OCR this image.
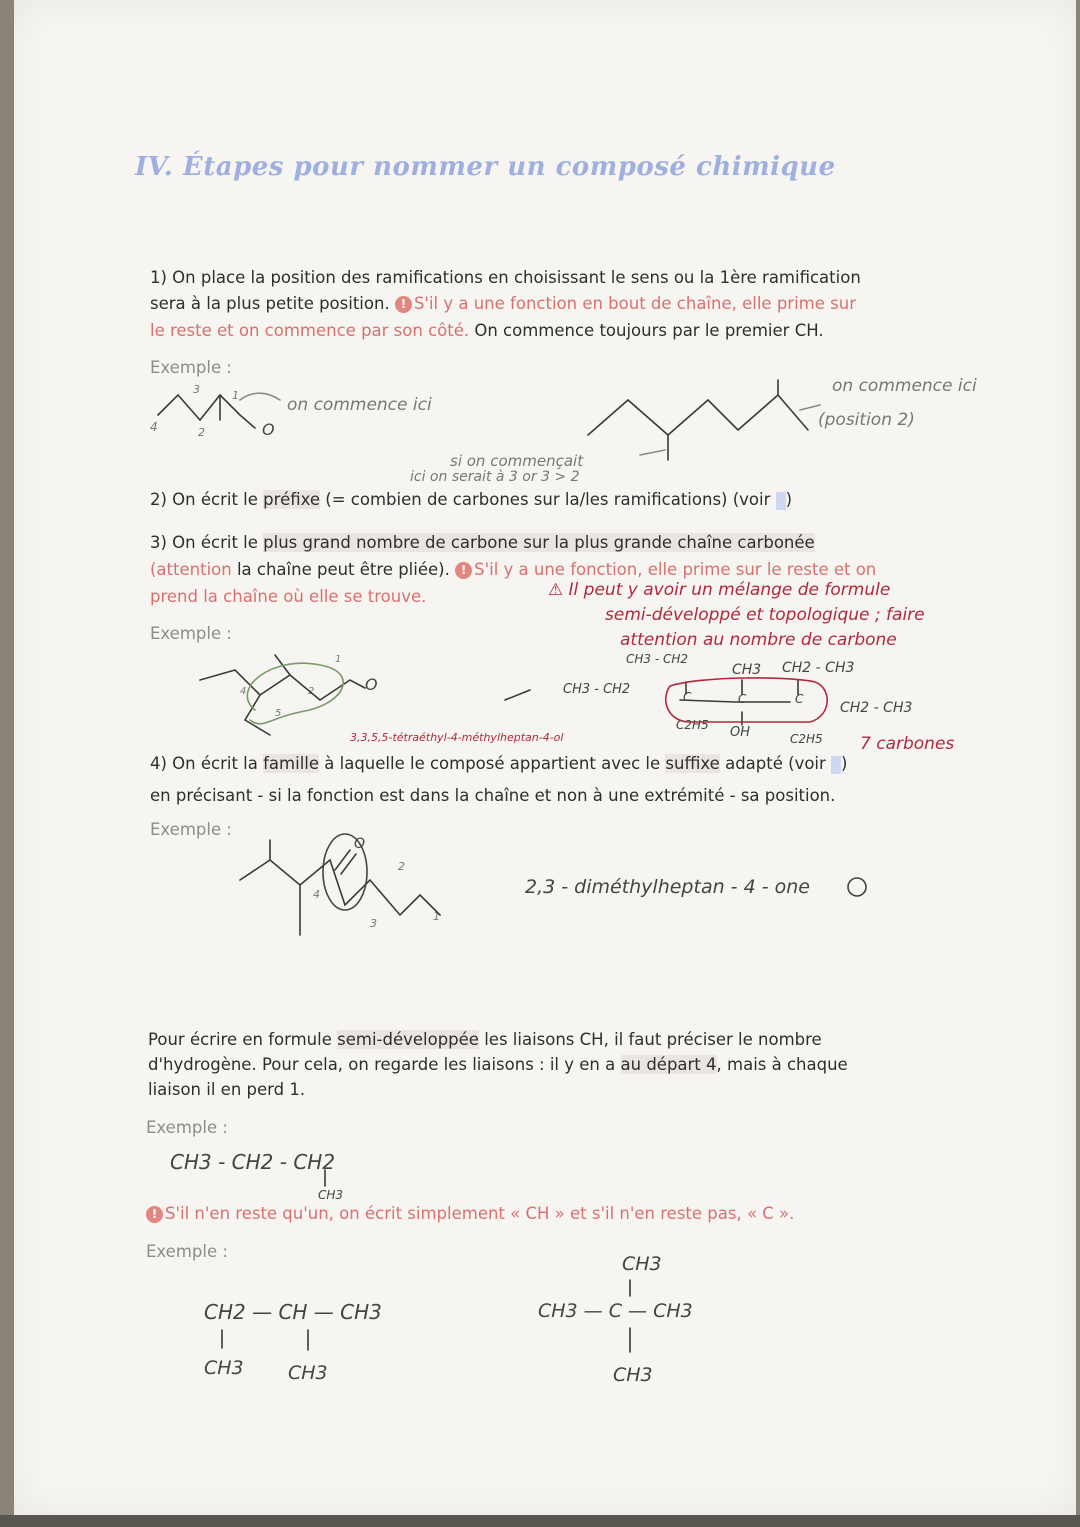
IV. Étapes pour nommer un composé chimique
1) On place la position des ramifications en choisissant le sens ou la 1ère ramification
sera à la plus petite position. ! S'il y a une fonction en bout de chaîne, elle prime sur
le reste et on commence par son côté. On commence toujours par le premier CH.
Exemple :
3	1
4	2	O
on commence ici
on commence ici
(position 2)
si on commençait
ici on serait à 3 or 3 > 2
2) On écrit le préfixe (= combien de carbones sur la/les ramifications) (voir )
3) On écrit le plus grand nombre de carbone sur la plus grande chaîne carbonée
(attention la chaîne peut être pliée). ! S'il y a une fonction, elle prime sur le reste et on
prend la chaîne où elle se trouve.
Exemple :
⚠ Il peut y avoir un mélange de formule
semi-développé et topologique ; faire
attention au nombre de carbone
O
1
2
4
5
CH3 - CH2
CH3 CH2 - CH3
CH3 - CH2	C	C	C
CH2 - CH3
OH
C2H5
C2H5
3,3,5,5-tétraéthyl-4-méthylheptan-4-ol	7 carbones
4) On écrit la famille à laquelle le composé appartient avec le suffixe adapté (voir )
en précisant - si la fonction est dans la chaîne et non à une extrémité - sa position.
Exemple :
O
4
3
2
1
2,3 - diméthylheptan - 4 - one
Pour écrire en formule semi-développée les liaisons CH, il faut préciser le nombre
d'hydrogène. Pour cela, on regarde les liaisons : il y en a au départ 4, mais à chaque
liaison il en perd 1.
Exemple :
CH3 - CH2 - CH2
CH3
! S'il n'en reste qu'un, on écrit simplement « CH » et s'il n'en reste pas, « C ».
Exemple :
CH2 — CH — CH3
CH3 CH3
CH3
CH3 — C — CH3
CH3
